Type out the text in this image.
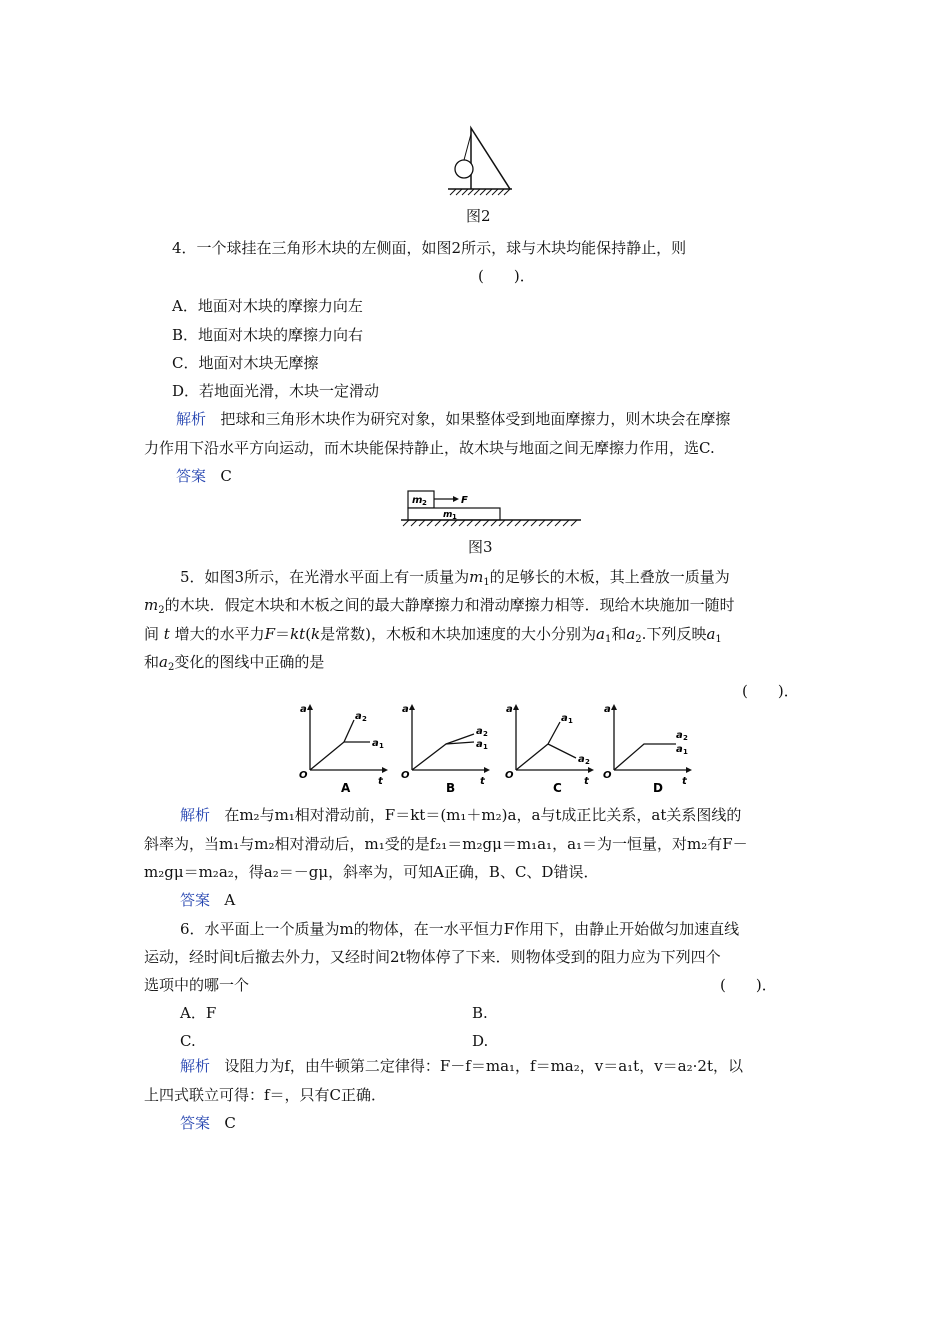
图2
4．一个球挂在三角形木块的左侧面，如图2所示，球与木块均能保持静止，则
(　　)．
A．地面对木块的摩擦力向左
B．地面对木块的摩擦力向右
C．地面对木块无摩擦
D．若地面光滑，木块一定滑动
解析 把球和三角形木块作为研究对象，如果整体受到地面摩擦力，则木块会在摩擦
力作用下沿水平方向运动，而木块能保持静止，故木块与地面之间无摩擦力作用，选C.
答案 C
m 2	F
m 1
图3
5．如图3所示，在光滑水平面上有一质量为$m_1$的足够长的木板，其上叠放一质量为
$m_2$的木块．假定木块和木板之间的最大静摩擦力和滑动摩擦力相等．现给木块施加一随时
间 t 增大的水平力F＝kt(k是常数)，木板和木块加速度的大小分别为$a_1$和$a_2$.下列反映$a_1$
和$a_2$变化的图线中正确的是
(　　)．
a
t
O
a 2
a 1
A
a
t
O
a 2
a 1
B
a
t
O
a 1
a 2
C
a
t
O
a 2
a 1
D
解析 在m₂与m₁相对滑动前，F＝kt＝(m₁＋m₂)a，a与t成正比关系，at关系图线的
斜率为，当m₁与m₂相对滑动后，m₁受的是f₂₁＝m₂gμ＝m₁a₁，a₁＝为一恒量，对m₂有F－
m₂gμ＝m₂a₂，得a₂＝－gμ，斜率为，可知A正确，B、C、D错误．
答案 A
6．水平面上一个质量为m的物体，在一水平恒力F作用下，由静止开始做匀加速直线
运动，经时间t后撤去外力，又经时间2t物体停了下来．则物体受到的阻力应为下列四个
选项中的哪一个	(　　)．
A．F	B.
C.	D.
解析 设阻力为f，由牛顿第二定律得：F－f＝ma₁，f＝ma₂，v＝a₁t，v＝a₂·2t，以
上四式联立可得：f＝，只有C正确．
答案 C
